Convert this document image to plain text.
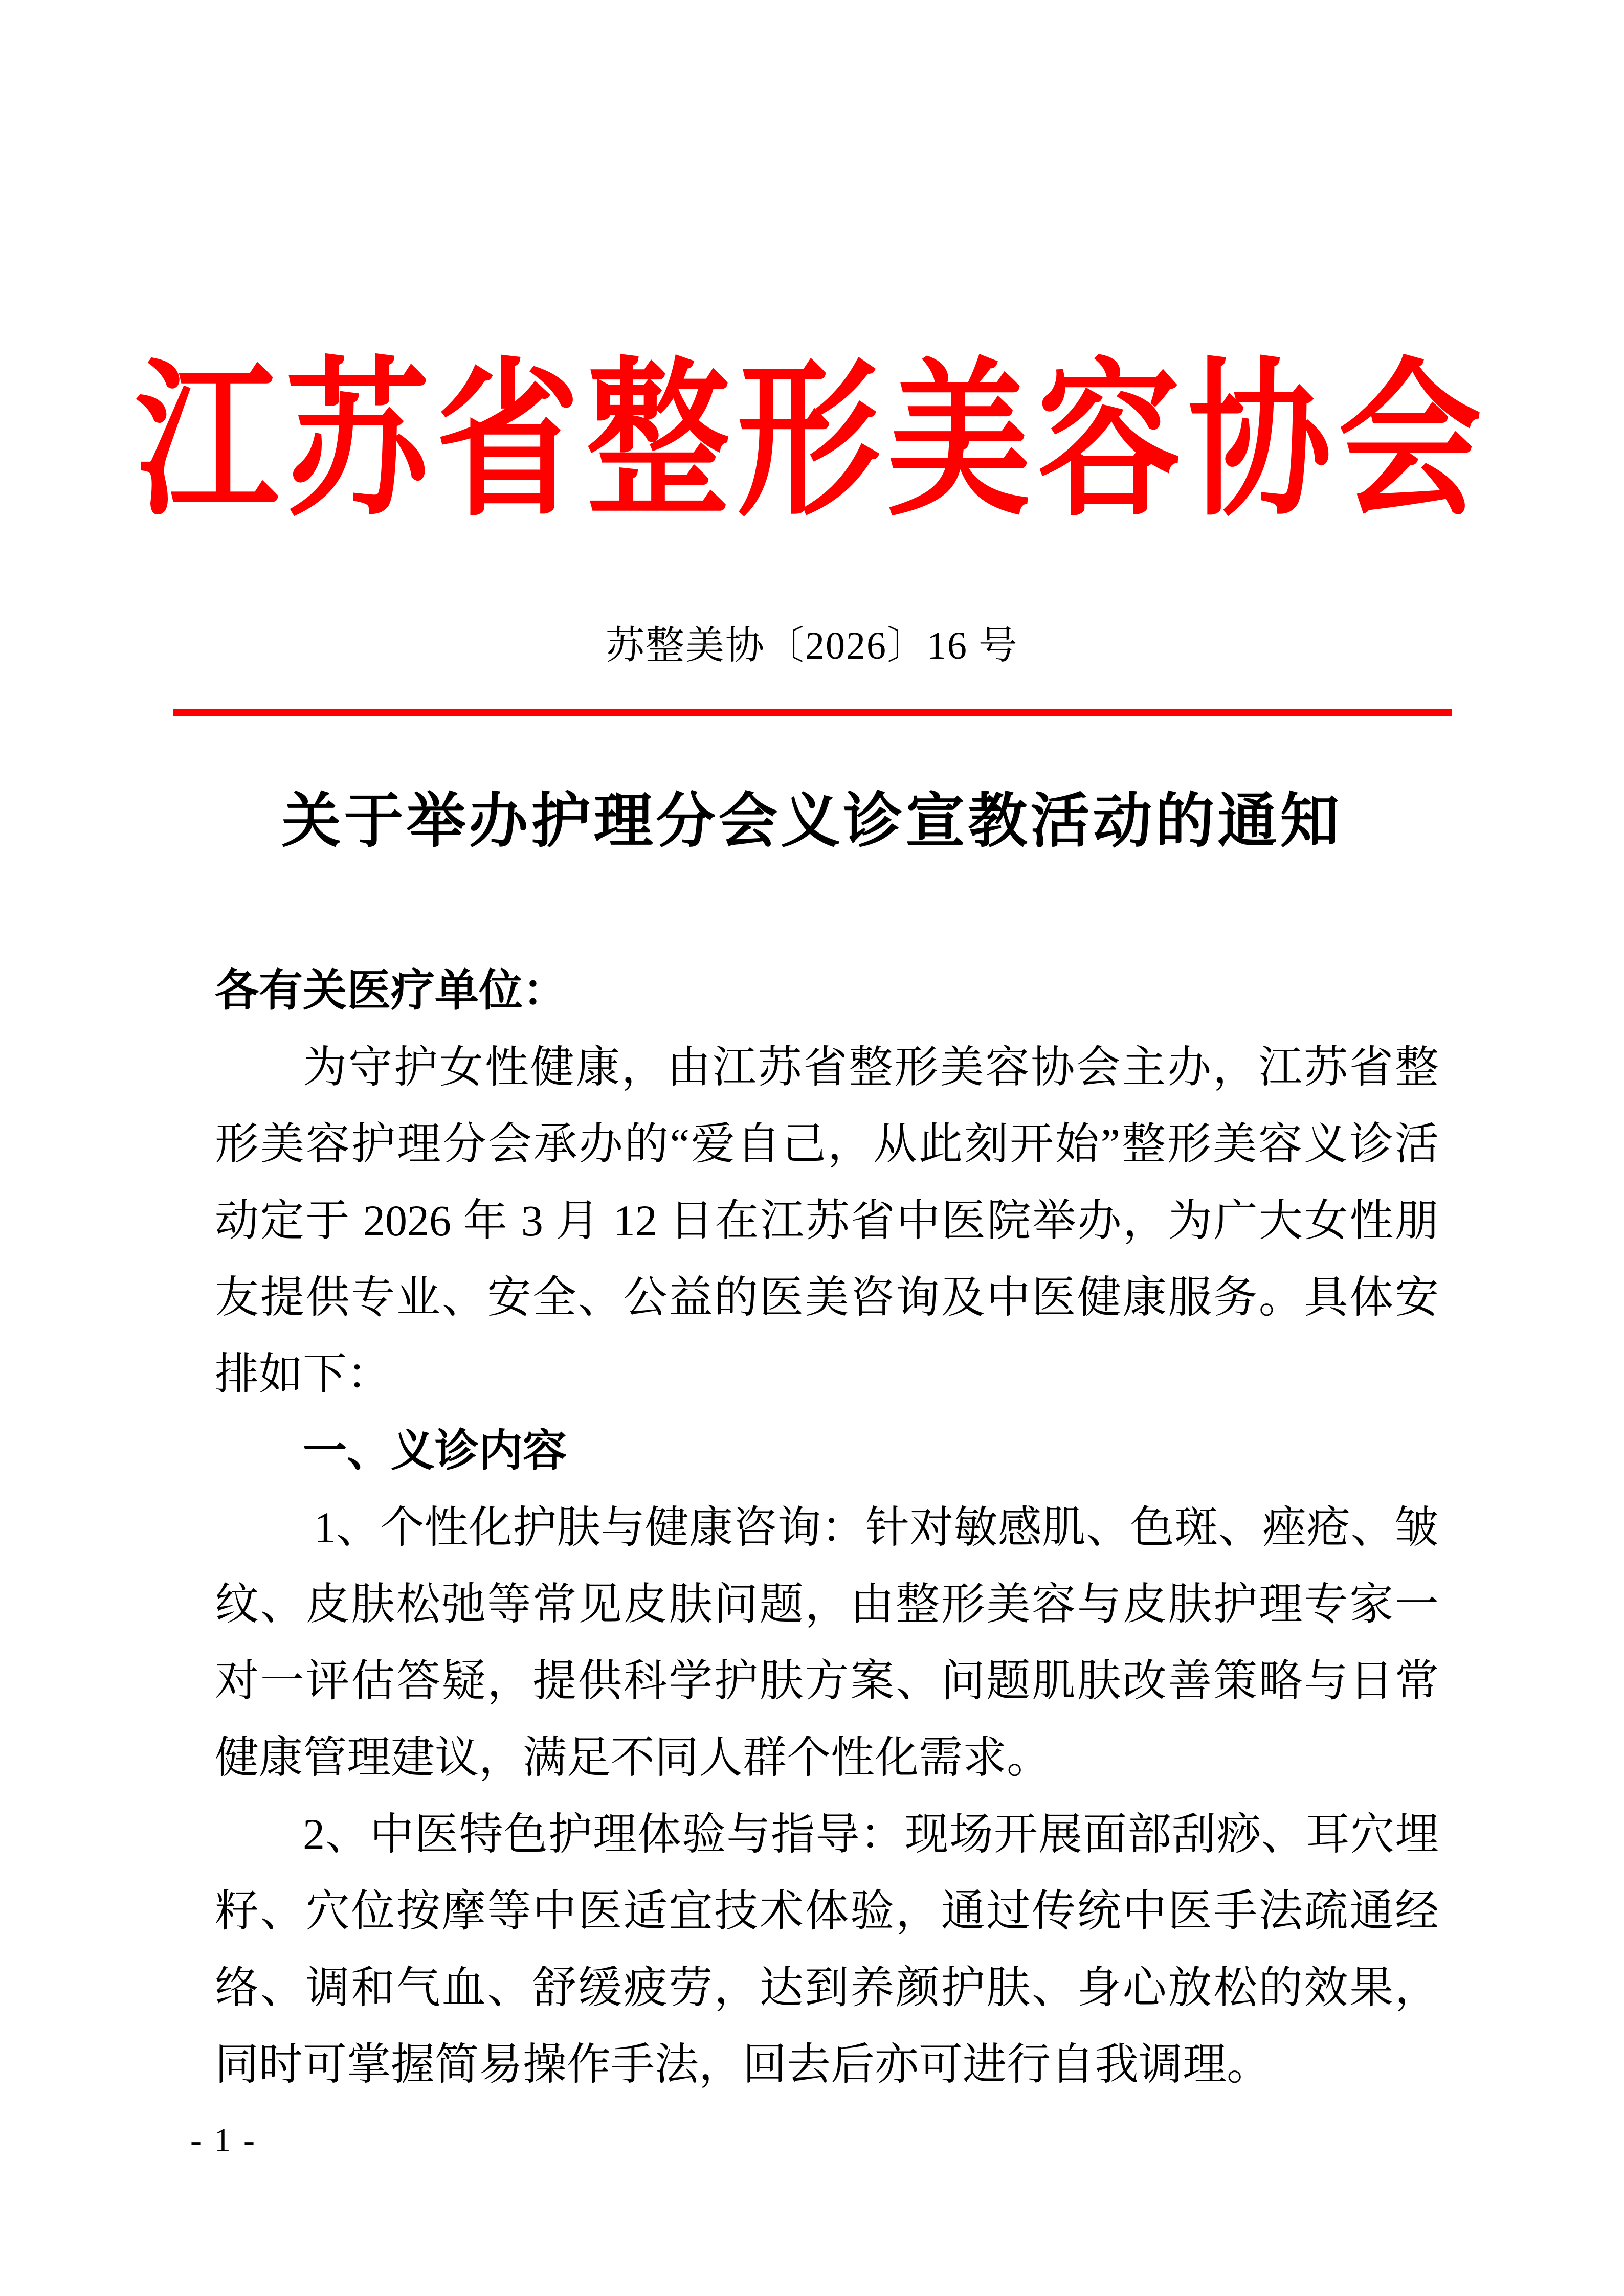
江苏省整形美容协会
苏整美协〔2026〕16 号
关于举办护理分会义诊宣教活动的通知

各有关医疗单位：

为守护女性健康，由江苏省整形美容协会主办，江苏省整形美容护理分会承办的“爱自己，从此刻开始”整形美容义诊活动定于 2026 年 3 月 12 日在江苏省中医院举办，为广大女性朋友提供专业、安全、公益的医美咨询及中医健康服务。具体安排如下：

一、义诊内容

1、个性化护肤与健康咨询：针对敏感肌、色斑、痤疮、皱纹、皮肤松弛等常见皮肤问题，由整形美容与皮肤护理专家一对一评估答疑，提供科学护肤方案、问题肌肤改善策略与日常健康管理建议，满足不同人群个性化需求。

2、中医特色护理体验与指导：现场开展面部刮痧、耳穴埋籽、穴位按摩等中医适宜技术体验，通过传统中医手法疏通经络、调和气血、舒缓疲劳，达到养颜护肤、身心放松的效果，同时可掌握简易操作手法，回去后亦可进行自我调理。

- 1 -
